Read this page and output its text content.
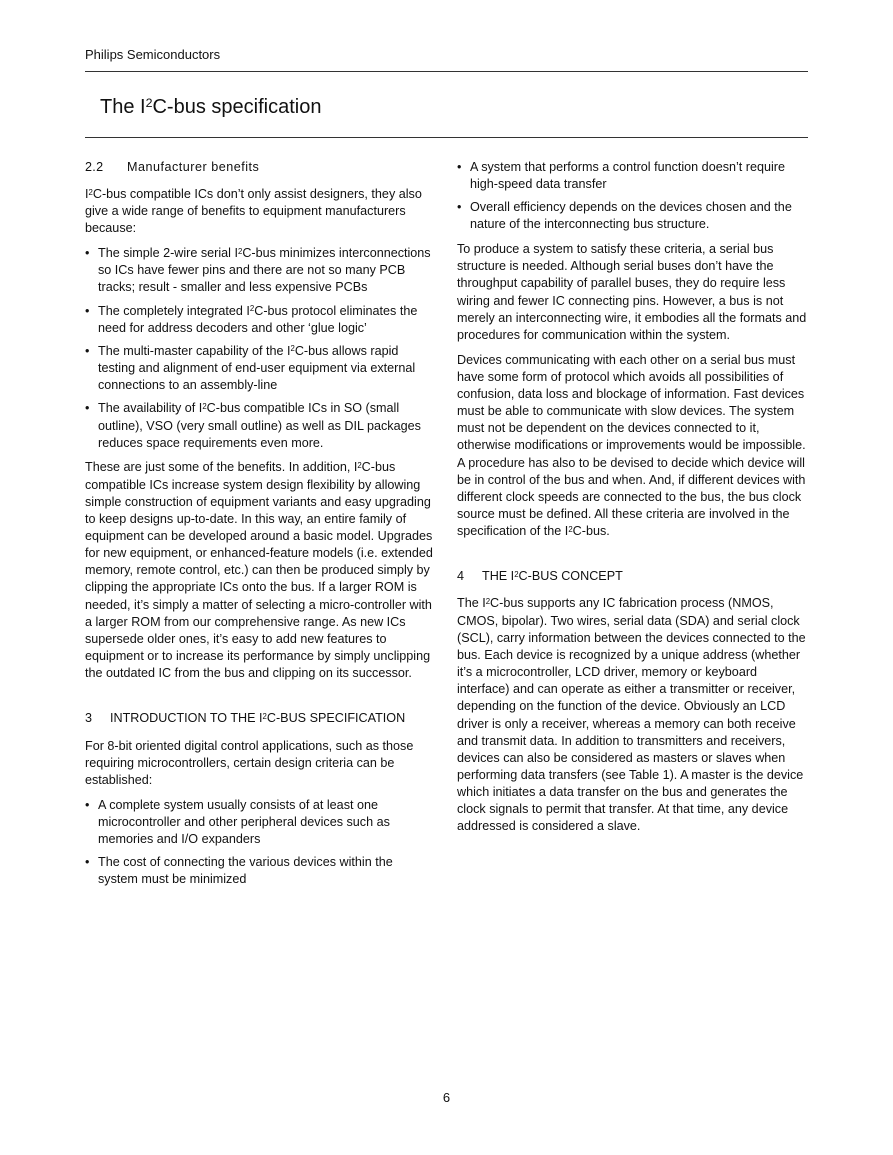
Philips Semiconductors
The $I^2C$-bus specification
2.2 Manufacturer benefits

$I^2C$-bus compatible ICs don’t only assist designers, they also give a wide range of benefits to equipment manufacturers because:

• The simple 2-wire serial $I^2C$-bus minimizes interconnections so ICs have fewer pins and there are not so many PCB tracks; result - smaller and less expensive PCBs
• The completely integrated $I^2C$-bus protocol eliminates the need for address decoders and other ‘glue logic’
• The multi-master capability of the $I^2C$-bus allows rapid testing and alignment of end-user equipment via external connections to an assembly-line
• The availability of $I^2C$-bus compatible ICs in SO (small outline), VSO (very small outline) as well as DIL packages reduces space requirements even more.

These are just some of the benefits. In addition, $I^2C$-bus compatible ICs increase system design flexibility by allowing simple construction of equipment variants and easy upgrading to keep designs up-to-date. In this way, an entire family of equipment can be developed around a basic model. Upgrades for new equipment, or enhanced-feature models (i.e. extended memory, remote control, etc.) can then be produced simply by clipping the appropriate ICs onto the bus. If a larger ROM is needed, it’s simply a matter of selecting a micro-controller with a larger ROM from our comprehensive range. As new ICs supersede older ones, it’s easy to add new features to equipment or to increase its performance by simply unclipping the outdated IC from the bus and clipping on its successor.

3 INTRODUCTION TO THE $I^2C$-BUS SPECIFICATION

For 8-bit oriented digital control applications, such as those requiring microcontrollers, certain design criteria can be established:

• A complete system usually consists of at least one microcontroller and other peripheral devices such as memories and I/O expanders
• The cost of connecting the various devices within the system must be minimized
• A system that performs a control function doesn’t require high-speed data transfer
• Overall efficiency depends on the devices chosen and the nature of the interconnecting bus structure.

To produce a system to satisfy these criteria, a serial bus structure is needed. Although serial buses don’t have the throughput capability of parallel buses, they do require less wiring and fewer IC connecting pins. However, a bus is not merely an interconnecting wire, it embodies all the formats and procedures for communication within the system.

Devices communicating with each other on a serial bus must have some form of protocol which avoids all possibilities of confusion, data loss and blockage of information. Fast devices must be able to communicate with slow devices. The system must not be dependent on the devices connected to it, otherwise modifications or improvements would be impossible. A procedure has also to be devised to decide which device will be in control of the bus and when. And, if different devices with different clock speeds are connected to the bus, the bus clock source must be defined. All these criteria are involved in the specification of the $I^2C$-bus.

4 THE $I^2C$-BUS CONCEPT

The $I^2C$-bus supports any IC fabrication process (NMOS, CMOS, bipolar). Two wires, serial data (SDA) and serial clock (SCL), carry information between the devices connected to the bus. Each device is recognized by a unique address (whether it’s a microcontroller, LCD driver, memory or keyboard interface) and can operate as either a transmitter or receiver, depending on the function of the device. Obviously an LCD driver is only a receiver, whereas a memory can both receive and transmit data. In addition to transmitters and receivers, devices can also be considered as masters or slaves when performing data transfers (see Table 1). A master is the device which initiates a data transfer on the bus and generates the clock signals to permit that transfer. At that time, any device addressed is considered a slave.

6
